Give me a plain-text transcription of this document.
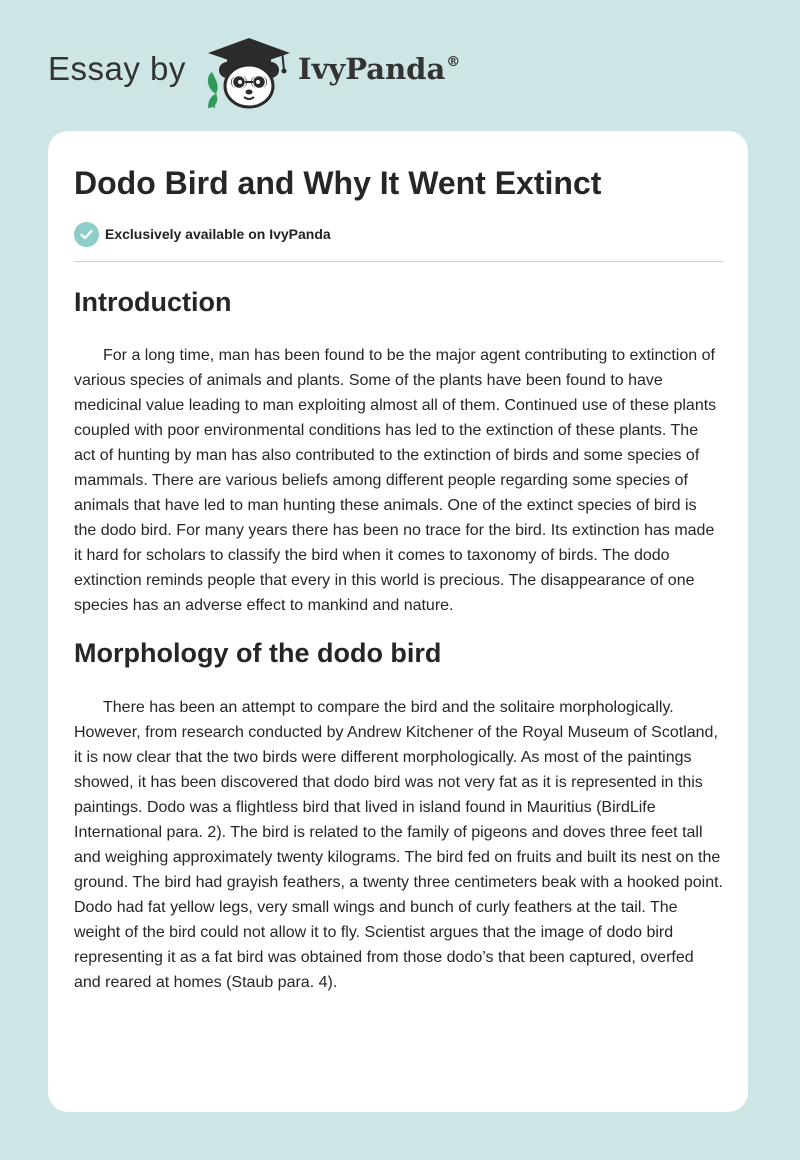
Essay by	IvyPanda®
Dodo Bird and Why It Went Extinct
Exclusively available on IvyPanda
Introduction

For a long time, man has been found to be the major agent contributing to extinction of various species of animals and plants. Some of the plants have been found to have medicinal value leading to man exploiting almost all of them. Continued use of these plants coupled with poor environmental conditions has led to the extinction of these plants. The act of hunting by man has also contributed to the extinction of birds and some species of mammals. There are various beliefs among different people regarding some species of animals that have led to man hunting these animals. One of the extinct species of bird is the dodo bird. For many years there has been no trace for the bird. Its extinction has made it hard for scholars to classify the bird when it comes to taxonomy of birds. The dodo extinction reminds people that every in this world is precious. The disappearance of one species has an adverse effect to mankind and nature.

Morphology of the dodo bird

There has been an attempt to compare the bird and the solitaire morphologically. However, from research conducted by Andrew Kitchener of the Royal Museum of Scotland, it is now clear that the two birds were different morphologically. As most of the paintings showed, it has been discovered that dodo bird was not very fat as it is represented in this paintings. Dodo was a flightless bird that lived in island found in Mauritius (BirdLife International para. 2). The bird is related to the family of pigeons and doves three feet tall and weighing approximately twenty kilograms. The bird fed on fruits and built its nest on the ground. The bird had grayish feathers, a twenty three centimeters beak with a hooked point. Dodo had fat yellow legs, very small wings and bunch of curly feathers at the tail. The weight of the bird could not allow it to fly. Scientist argues that the image of dodo bird representing it as a fat bird was obtained from those dodo’s that been captured, overfed and reared at homes (Staub para. 4).
